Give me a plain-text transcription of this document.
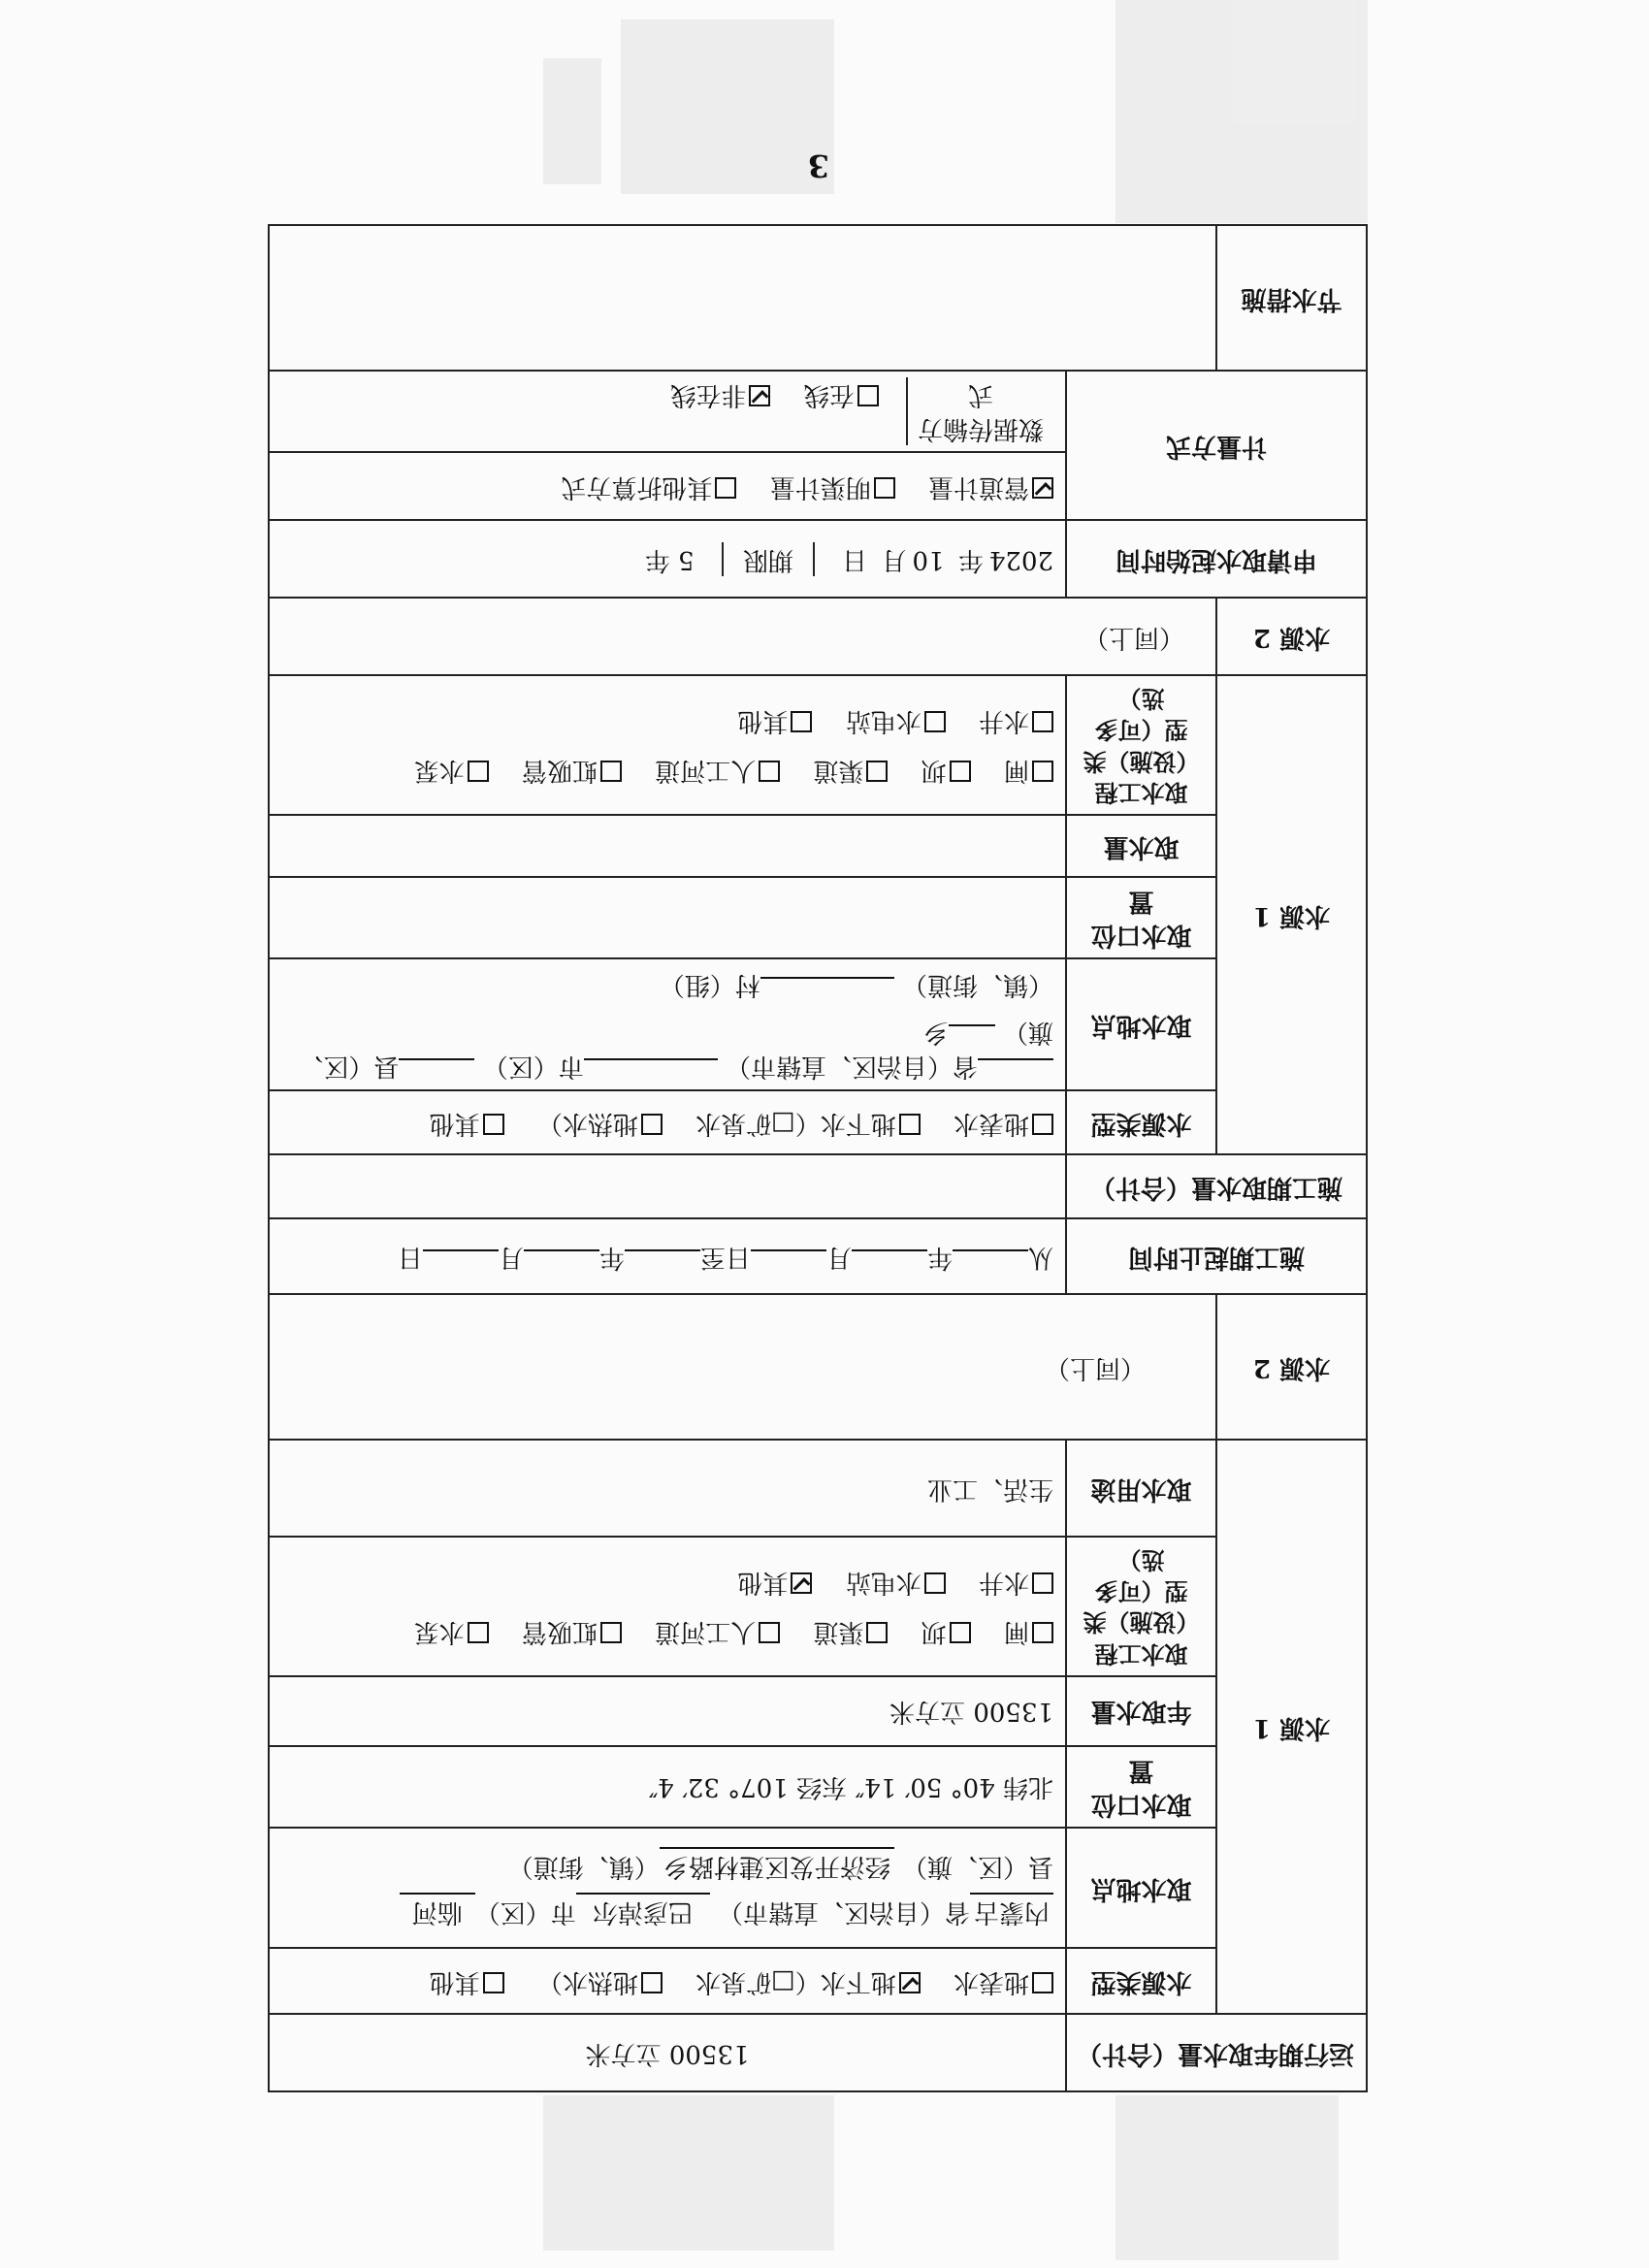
3
运行期年取水量（合计）		13500 立方米
水源 1	水源类型	地表水 地下水（□矿泉水 地热水） 其他
	取水地点	内蒙古省（自治区、直辖市） 巴彦淖尔市（区）临河
县（区、旗） 经济开发区建材路乡（镇、街道）

	取水口位置	北纬 40° 50′ 14″ 东经 107° 32′ 4″
	年取水量	13500 立方米
	取水工程（设施）类型（可多选）	闸 坝 渠道 人工河道 虹吸管 水泵
水井 水电站 其他

	取水用途	生活、工业
水源 2	（同上）	
施工期起止时间		从年月日至年月日
施工期取水量（合计）		
水源 1	水源类型	地表水 地下水（□矿泉水 地热水） 其他
	取水地点	省（自治区、直辖市） 市（区） 县（区、旗） 乡
（镇、街道） 村（组）

	取水口位置	
	取水量	
	取水工程（设施）类型（可多选）	闸 坝 渠道 人工河道 虹吸管 水泵
水井 水电站 其他

水源 2	（同上）	
申请取水起始时间		2024年 10月 日 期限 5 年
计量方式		管道计量 明渠计量 其他折算方式
		数据传输方式 在线 非在线
节水措施		
